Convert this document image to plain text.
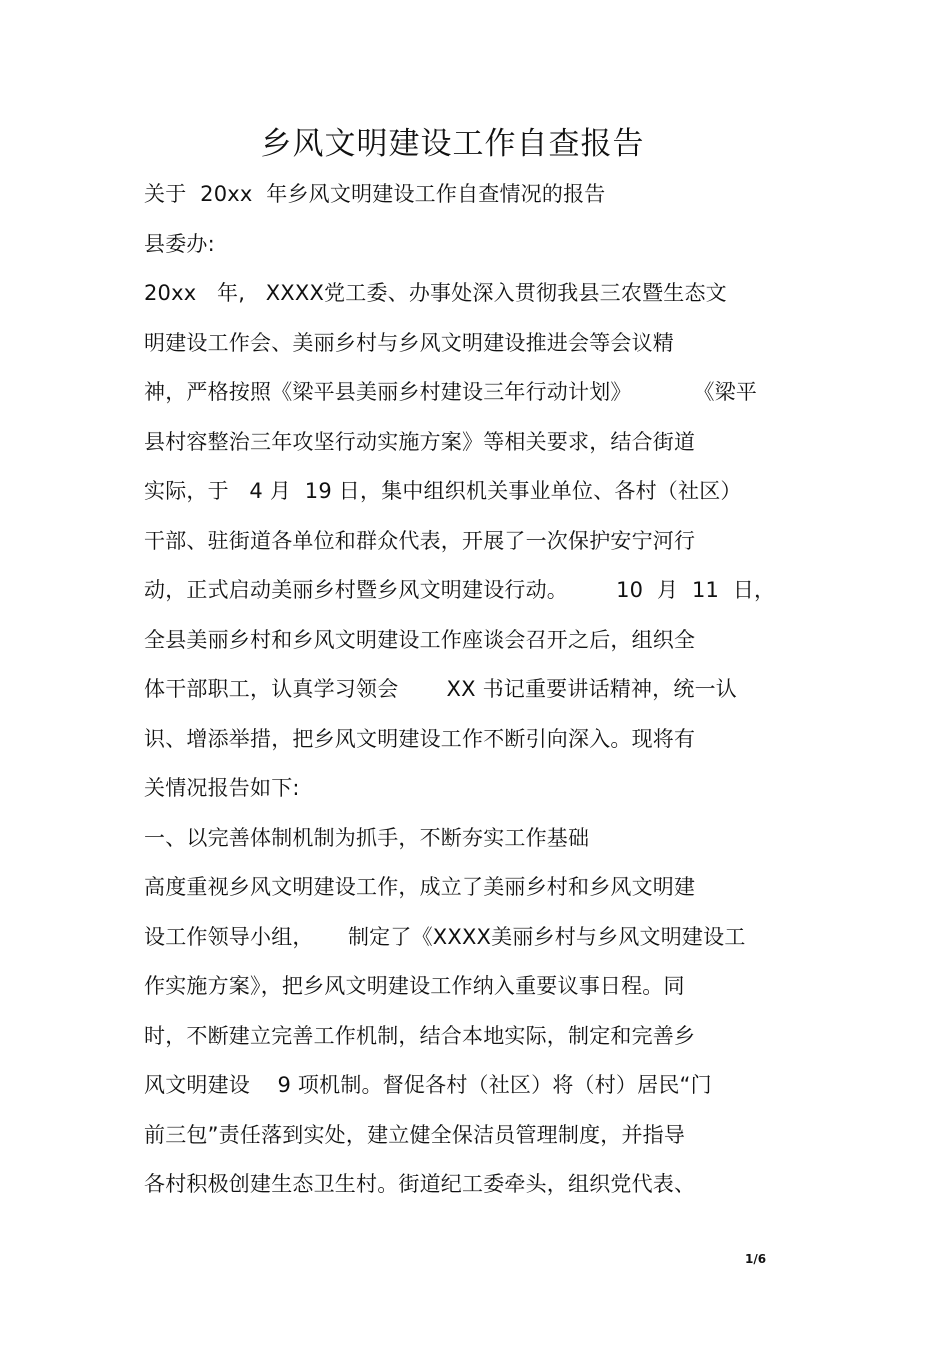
乡风文明建设工作自查报告
关于  20xx  年乡风文明建设工作自查情况的报告
县委办:
20xx   年,   XXXX党工委、办事处深入贯彻我县三农暨生态文
明建设工作会、美丽乡村与乡风文明建设推进会等会议精
神，严格按照《梁平县美丽乡村建设三年行动计划》         《梁平
县村容整治三年攻坚行动实施方案》等相关要求，结合街道
实际，于   4 月  19 日，集中组织机关事业单位、各村（社区）
干部、驻街道各单位和群众代表，开展了一次保护安宁河行
动，正式启动美丽乡村暨乡风文明建设行动。       10  月  11  日，
全县美丽乡村和乡风文明建设工作座谈会召开之后，组织全
体干部职工，认真学习领会       XX 书记重要讲话精神，统一认
识、增添举措，把乡风文明建设工作不断引向深入。现将有
关情况报告如下:
一、以完善体制机制为抓手，不断夯实工作基础
高度重视乡风文明建设工作，成立了美丽乡村和乡风文明建
设工作领导小组，     制定了《XXXX美丽乡村与乡风文明建设工
作实施方案》，把乡风文明建设工作纳入重要议事日程。同
时，不断建立完善工作机制，结合本地实际，制定和完善乡
风文明建设    9 项机制。督促各村（社区）将（村）居民“门
前三包”责任落到实处，建立健全保洁员管理制度，并指导
各村积极创建生态卫生村。街道纪工委牵头，组织党代表、
1/6
